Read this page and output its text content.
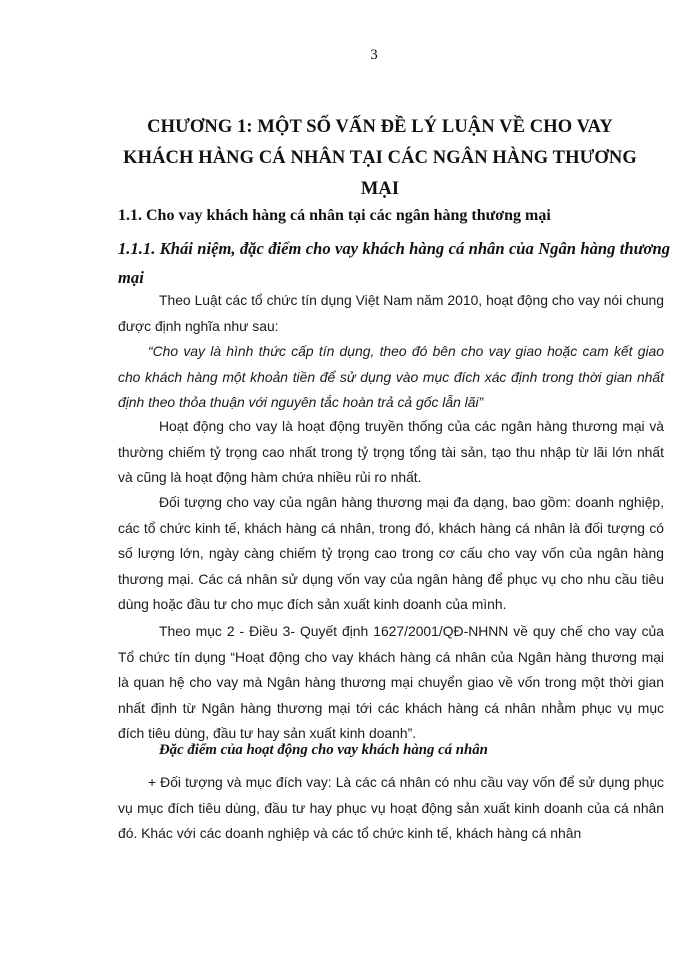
3
CHƯƠNG 1: MỘT SỐ VẤN ĐỀ LÝ LUẬN VỀ CHO VAY KHÁCH HÀNG CÁ NHÂN TẠI CÁC NGÂN HÀNG THƯƠNG MẠI
1.1. Cho vay khách hàng cá nhân tại các ngân hàng thương mại
1.1.1. Khái niệm, đặc điểm cho vay khách hàng cá nhân của Ngân hàng thương mại
Theo Luật các tổ chức tín dụng Việt Nam năm 2010, hoạt động cho vay nói chung được định nghĩa như sau:
“Cho vay là hình thức cấp tín dụng, theo đó bên cho vay giao hoặc cam kết giao cho khách hàng một khoản tiền để sử dụng vào mục đích xác định trong thời gian nhất định theo thỏa thuận với nguyên tắc hoàn trả cả gốc lẫn lãi”
Hoạt động cho vay là hoạt động truyền thống của các ngân hàng thương mại và thường chiếm tỷ trọng cao nhất trong tỷ trọng tổng tài sản, tạo thu nhập từ lãi lớn nhất và cũng là hoạt động hàm chứa nhiều rủi ro nhất.
Đối tượng cho vay của ngân hàng thương mại đa dạng, bao gồm: doanh nghiệp, các tổ chức kinh tế, khách hàng cá nhân, trong đó, khách hàng cá nhân là đối tượng có số lượng lớn, ngày càng chiếm tỷ trọng cao trong cơ cấu cho vay vốn của ngân hàng thương mại. Các cá nhân sử dụng vốn vay của ngân hàng để phục vụ cho nhu cầu tiêu dùng hoặc đầu tư cho mục đích sản xuất kinh doanh của mình.
Theo mục 2 - Điều 3- Quyết định 1627/2001/QĐ-NHNN về quy chế cho vay của Tổ chức tín dụng “Hoạt động cho vay khách hàng cá nhân của Ngân hàng thương mại là quan hệ cho vay mà Ngân hàng thương mại chuyển giao về vốn trong một thời gian nhất định từ Ngân hàng thương mại tới các khách hàng cá nhân nhằm phục vụ mục đích tiêu dùng, đầu tư hay sản xuất kinh doanh”.
Đặc điểm của hoạt động cho vay khách hàng cá nhân
+ Đối tượng và mục đích vay: Là các cá nhân có nhu cầu vay vốn để sử dụng phục vụ mục đích tiêu dùng, đầu tư hay phục vụ hoạt động sản xuất kinh doanh của cá nhân đó. Khác với các doanh nghiệp và các tổ chức kinh tế, khách hàng cá nhân
